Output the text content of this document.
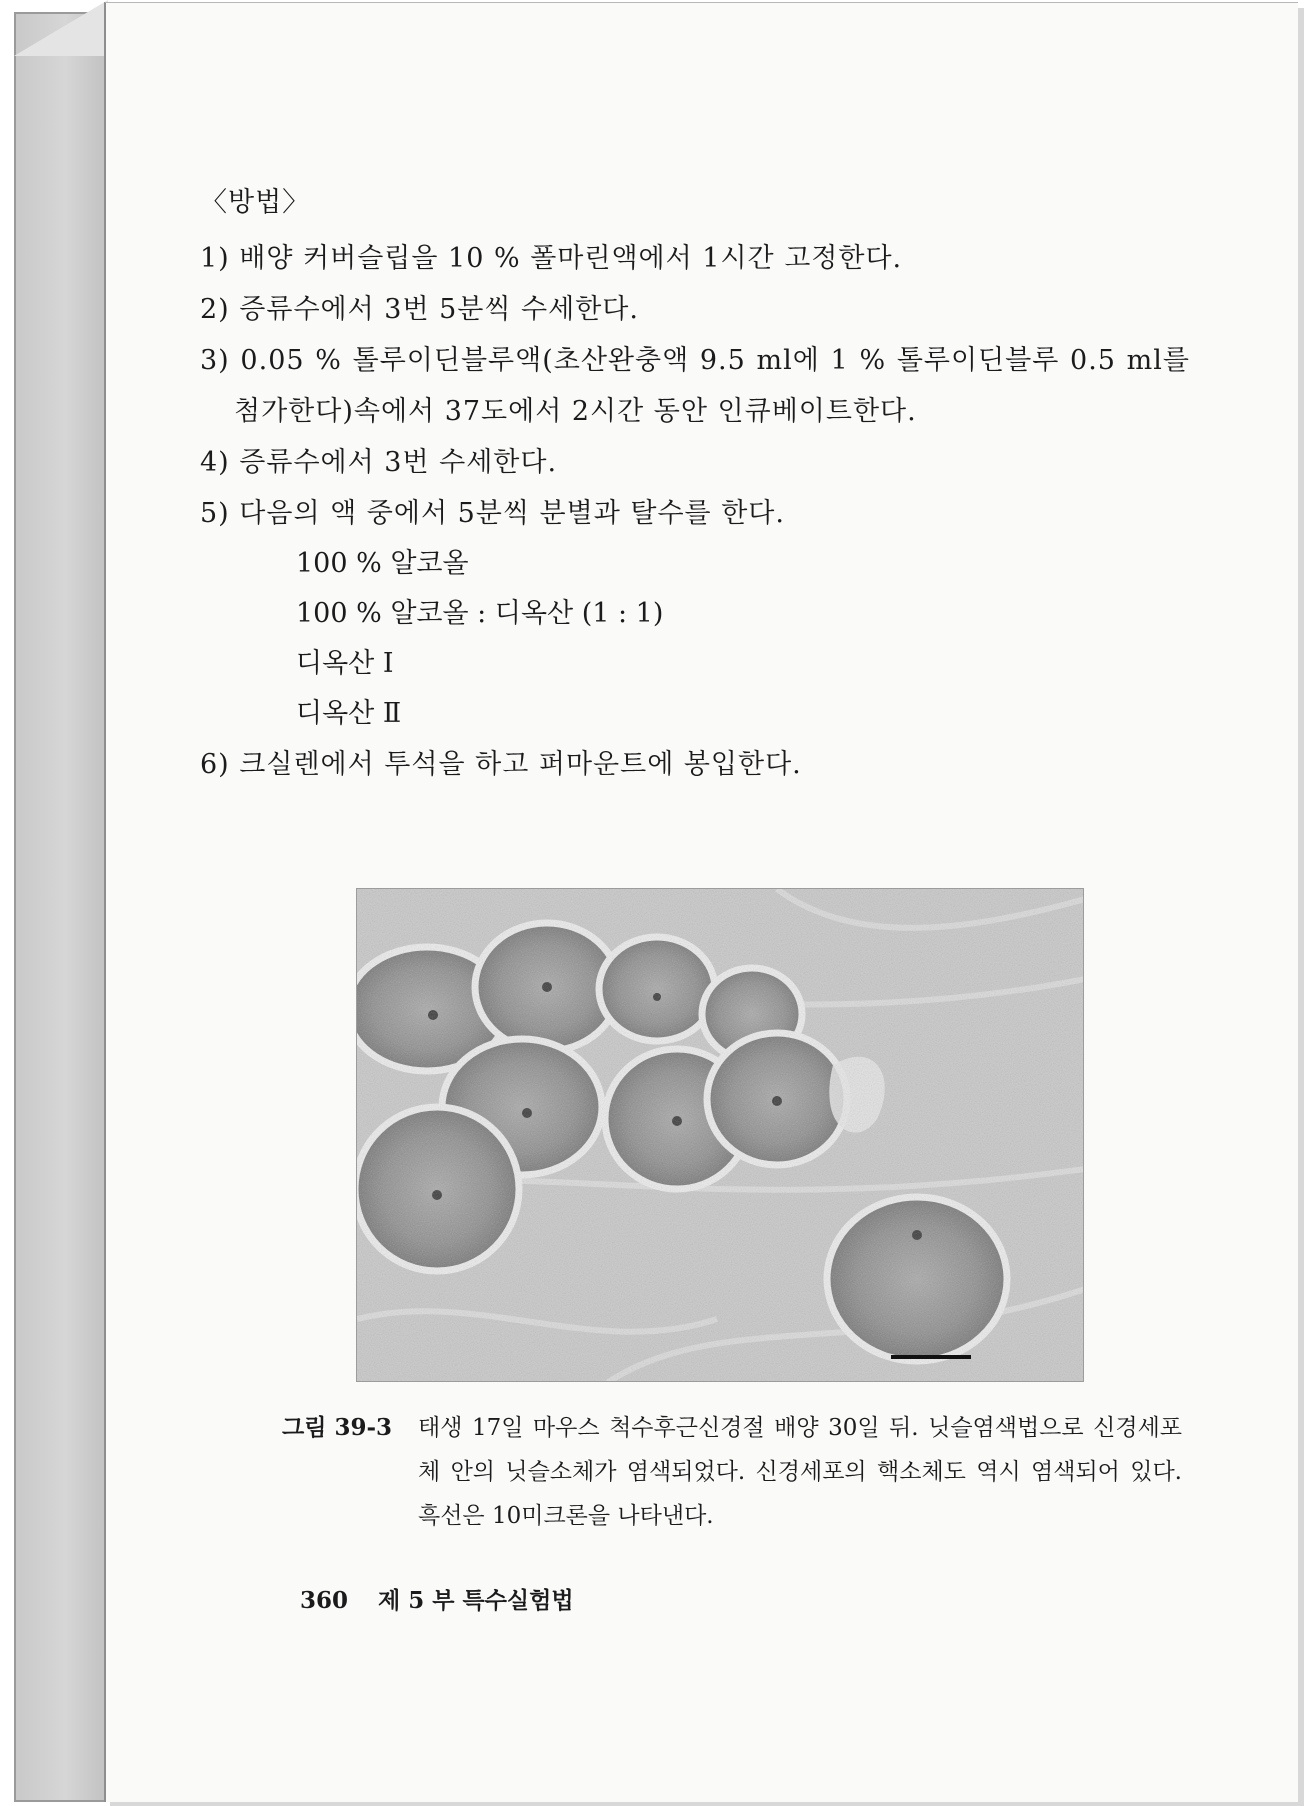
〈방법〉
1) 배양 커버슬립을 10 % 폴마린액에서 1시간 고정한다.
2) 증류수에서 3번 5분씩 수세한다.
3) 0.05 % 톨루이딘블루액(초산완충액 9.5 ml에 1 % 톨루이딘블루 0.5 ml를 첨가한다)속에서 37도에서 2시간 동안 인큐베이트한다.
4) 증류수에서 3번 수세한다.
5) 다음의 액 중에서 5분씩 분별과 탈수를 한다.
100 % 알코올
100 % 알코올 : 디옥산 (1 : 1)
디옥산 Ⅰ
디옥산 Ⅱ
6) 크실렌에서 투석을 하고 퍼마운트에 봉입한다.
그림 39-3 태생 17일 마우스 척수후근신경절 배양 30일 뒤. 닛슬염색법으로 신경세포체 안의 닛슬소체가 염색되었다. 신경세포의 핵소체도 역시 염색되어 있다. 흑선은 10미크론을 나타낸다.
360 제 5 부 특수실험법
